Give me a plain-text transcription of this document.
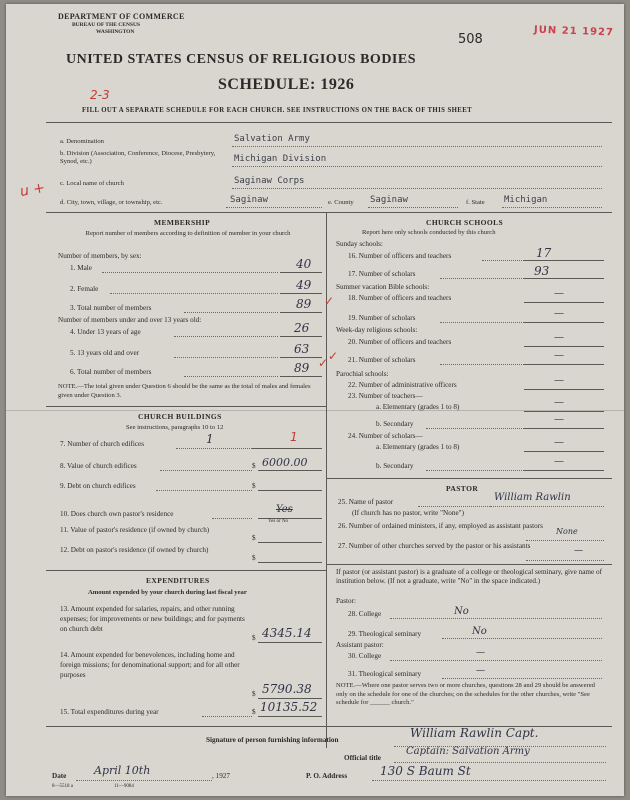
DEPARTMENT OF COMMERCE
BUREAU OF THE CENSUS
WASHINGTON	508
JUN 21 1927
UNITED STATES CENSUS OF RELIGIOUS BODIES
SCHEDULE: 1926
2-3
FILL OUT A SEPARATE SCHEDULE FOR EACH CHURCH. SEE INSTRUCTIONS ON THE BACK OF THIS SHEET
u +
a. Denomination	Salvation Army
b. Division (Association, Conference, Diocese, Presbytery, Synod, etc.)	Michigan Division
c. Local name of church	Saginaw Corps
d. City, town, village, or township, etc.	Saginaw	e. County Saginaw	f. State Michigan
MEMBERSHIP
Report number of members according to definition of member in your church
Number of members, by sex:
1. Male	40
2. Female	49
3. Total number of members	89 ✓
Number of members under and over 13 years old:
4. Under 13 years of age	26
5. 13 years old and over	63
6. Total number of members	89 ✓
NOTE.—The total given under Question 6 should be the same as the total of males and females given under Question 3.
CHURCH BUILDINGS
See instructions, paragraphs 10 to 12
7. Number of church edifices	1	1
8. Value of church edifices	$ 6000.00
9. Debt on church edifices	$
10. Does church own pastor's residence	Yes
Yes or No
11. Value of pastor's residence (if owned by church)
$
12. Debt on pastor's residence (if owned by church)
$
EXPENDITURES
Amount expended by your church during last fiscal year
13. Amount expended for salaries, repairs, and other running expenses; for improvements or new buildings; and for payments on church debt
$ 4345.14
14. Amount expended for benevolences, including home and foreign missions; for denominational support; and for all other purposes
$ 5790.38
15. Total expenditures during year	$ 10135.52
CHURCH SCHOOLS
Report here only schools conducted by this church
Sunday schools:
16. Number of officers and teachers	17
17. Number of scholars	93
Summer vacation Bible schools:
18. Number of officers and teachers	—
19. Number of scholars	—
Week-day religious schools:
20. Number of officers and teachers	—
21. Number of scholars	—
✓
Parochial schools:
22. Number of administrative officers	—
23. Number of teachers—
a. Elementary (grades 1 to 8)	—
b. Secondary	—
24. Number of scholars—
a. Elementary (grades 1 to 8)	—
b. Secondary	—
PASTOR
25. Name of pastor	William Rawlin
(If church has no pastor, write "None")
26. Number of ordained ministers, if any, employed as assistant pastors
None
27. Number of other churches served by the pastor or his assistants	—
If pastor (or assistant pastor) is a graduate of a college or theological seminary, give name of institution below. (If not a graduate, write "No" in the space indicated.)
Pastor:
28. College	No
29. Theological seminary	No
Assistant pastor:
30. College	—
31. Theological seminary	—
NOTE.—Where one pastor serves two or more churches, questions 28 and 29 should be answered only on the schedule for one of the churches; on the schedules for the other churches, write "See schedule for ______ church."
Signature of person furnishing information	William Rawlin Capt.
Official title
Captain: Salvation Army
Date	April 10th	, 1927	P. O. Address	130 S Baum St
8—5518 a	11—9084
